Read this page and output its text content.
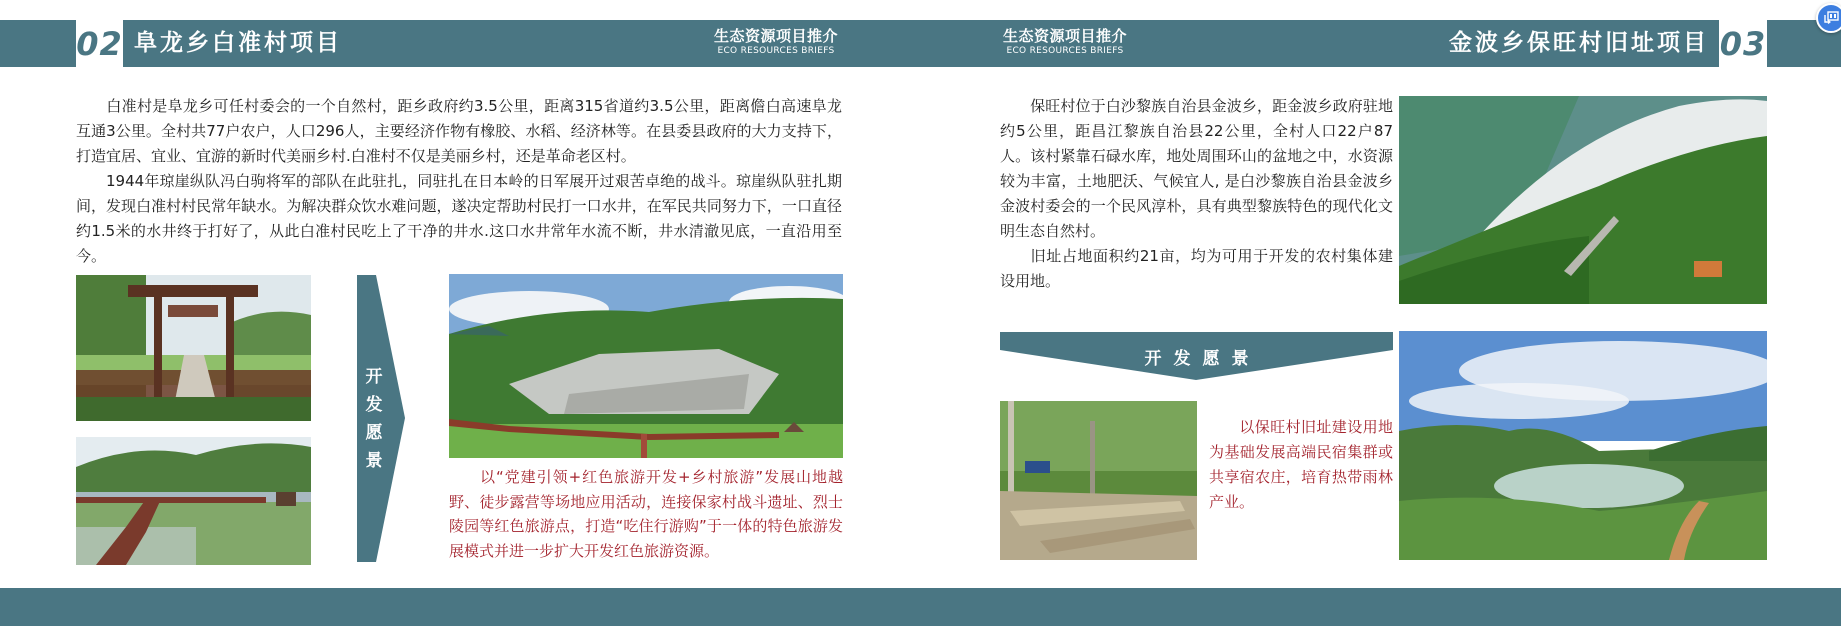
02 阜龙乡白准村项目	生态资源项目推介
ECO RESOURCES BRIEFS
生态资源项目推介
ECO RESOURCES BRIEFS	金波乡保旺村旧址项目 03

白准村是阜龙乡可任村委会的一个自然村，距乡政府约3.5公里，距离315省道约3.5公里，距离儋白高速阜龙互通3公里。全村共77户农户，人口296人，主要经济作物有橡胶、水稻、经济林等。在县委县政府的大力支持下，打造宜居、宜业、宜游的新时代美丽乡村.白准村不仅是美丽乡村，还是革命老区村。

1944年琼崖纵队冯白驹将军的部队在此驻扎，同驻扎在日本岭的日军展开过艰苦卓绝的战斗。琼崖纵队驻扎期间，发现白准村村民常年缺水。为解决群众饮水难问题，遂决定帮助村民打一口水井，在军民共同努力下，一口直径约1.5米的水井终于打好了，从此白准村民吃上了干净的井水.这口水井常年水流不断，井水清澈见底，一直沿用至今。

开
发
愿
景

以“党建引领+红色旅游开发+乡村旅游”发展山地越野、徒步露营等场地应用活动，连接保家村战斗遗址、烈士陵园等红色旅游点，打造“吃住行游购”于一体的特色旅游发展模式并进一步扩大开发红色旅游资源。

保旺村位于白沙黎族自治县金波乡，距金波乡政府驻地约5公里，距昌江黎族自治县22公里，全村人口22户87人。该村紧靠石碌水库，地处周围环山的盆地之中，水资源较为丰富，土地肥沃、气候宜人, 是白沙黎族自治县金波乡金波村委会的一个民风淳朴，具有典型黎族特色的现代化文明生态自然村。

旧址占地面积约21亩，均为可用于开发的农村集体建设用地。

开发愿景

以保旺村旧址建设用地为基础发展高端民宿集群或共享宿农庄，培育热带雨林产业。
